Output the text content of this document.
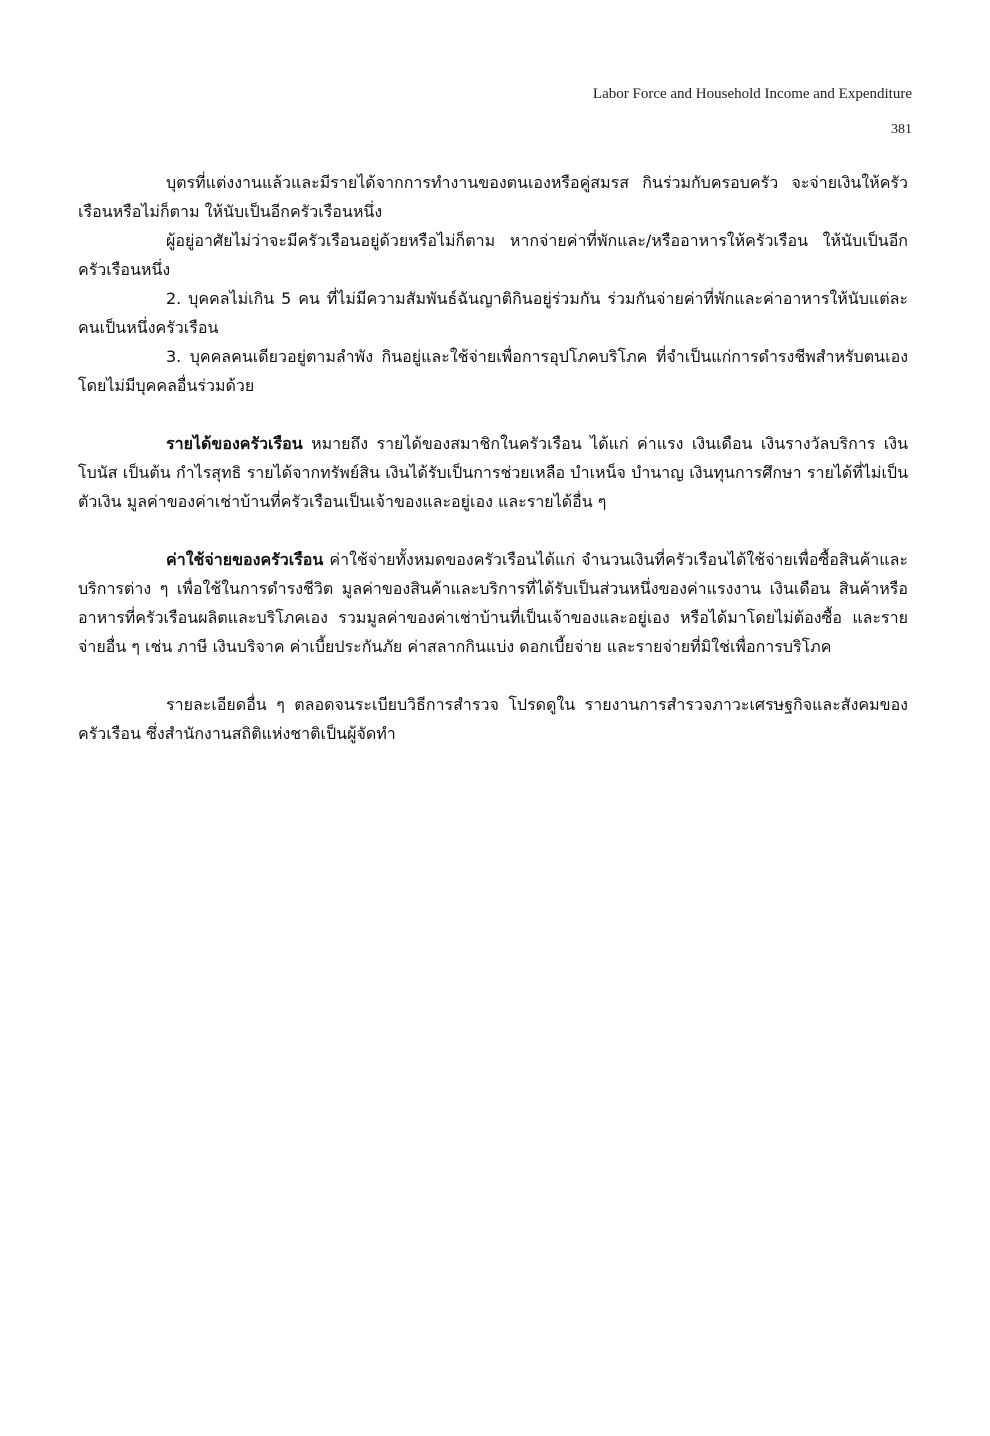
Labor Force and Household Income and Expenditure
381

บุตรที่แต่งงานแล้วและมีรายได้จากการทำงานของตนเองหรือคู่สมรส กินร่วมกับครอบครัว จะจ่ายเงินให้ครัวเรือนหรือไม่ก็ตาม ให้นับเป็นอีกครัวเรือนหนึ่ง

ผู้อยู่อาศัยไม่ว่าจะมีครัวเรือนอยู่ด้วยหรือไม่ก็ตาม หากจ่ายค่าที่พักและ/หรืออาหารให้ครัวเรือน ให้นับเป็นอีกครัวเรือนหนึ่ง

2. บุคคลไม่เกิน 5 คน ที่ไม่มีความสัมพันธ์ฉันญาติกินอยู่ร่วมกัน ร่วมกันจ่ายค่าที่พักและค่าอาหารให้นับแต่ละคนเป็นหนึ่งครัวเรือน

3. บุคคลคนเดียวอยู่ตามลำพัง กินอยู่และใช้จ่ายเพื่อการอุปโภคบริโภค ที่จำเป็นแก่การดำรงชีพสำหรับตนเอง โดยไม่มีบุคคลอื่นร่วมด้วย

รายได้ของครัวเรือน หมายถึง รายได้ของสมาชิกในครัวเรือน ได้แก่ ค่าแรง เงินเดือน เงินรางวัลบริการ เงินโบนัส เป็นต้น กำไรสุทธิ รายได้จากทรัพย์สิน เงินได้รับเป็นการช่วยเหลือ บำเหน็จ บำนาญ เงินทุนการศึกษา รายได้ที่ไม่เป็นตัวเงิน มูลค่าของค่าเช่าบ้านที่ครัวเรือนเป็นเจ้าของและอยู่เอง และรายได้อื่น ๆ

ค่าใช้จ่ายของครัวเรือน ค่าใช้จ่ายทั้งหมดของครัวเรือนได้แก่ จำนวนเงินที่ครัวเรือนได้ใช้จ่ายเพื่อซื้อสินค้าและบริการต่าง ๆ เพื่อใช้ในการดำรงชีวิต มูลค่าของสินค้าและบริการที่ได้รับเป็นส่วนหนึ่งของค่าแรงงาน เงินเดือน สินค้าหรืออาหารที่ครัวเรือนผลิตและบริโภคเอง รวมมูลค่าของค่าเช่าบ้านที่เป็นเจ้าของและอยู่เอง หรือได้มาโดยไม่ต้องซื้อ และรายจ่ายอื่น ๆ เช่น ภาษี เงินบริจาค ค่าเบี้ยประกันภัย ค่าสลากกินแบ่ง ดอกเบี้ยจ่าย และรายจ่ายที่มิใช่เพื่อการบริโภค

รายละเอียดอื่น ๆ ตลอดจนระเบียบวิธีการสำรวจ โปรดดูใน รายงานการสำรวจภาวะเศรษฐกิจและสังคมของครัวเรือน ซึ่งสำนักงานสถิติแห่งชาติเป็นผู้จัดทำ
